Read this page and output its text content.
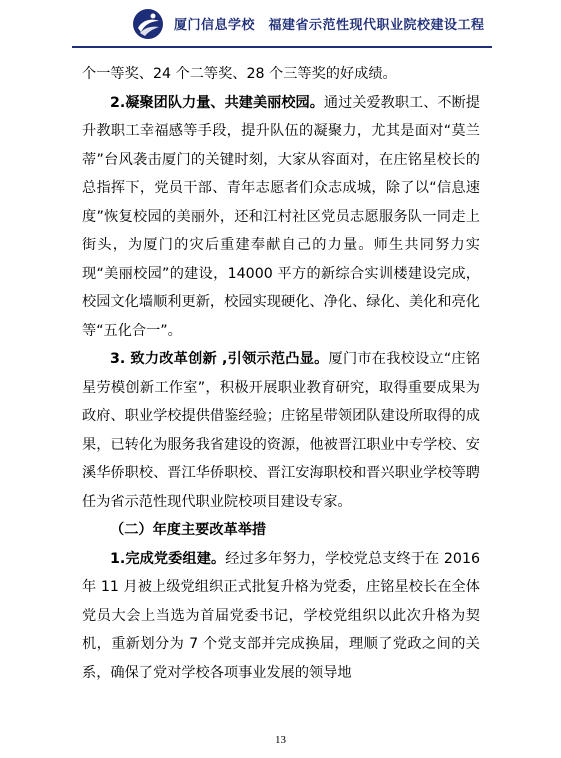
厦门信息学校　福建省示范性现代职业院校建设工程

个一等奖、24 个二等奖、28 个三等奖的好成绩。

2.凝聚团队力量、共建美丽校园。通过关爱教职工、不断提升教职工幸福感等手段，提升队伍的凝聚力，尤其是面对“莫兰蒂”台风袭击厦门的关键时刻，大家从容面对，在庄铭星校长的总指挥下，党员干部、青年志愿者们众志成城，除了以“信息速度”恢复校园的美丽外，还和江村社区党员志愿服务队一同走上街头，为厦门的灾后重建奉献自己的力量。师生共同努力实现“美丽校园”的建设，14000 平方的新综合实训楼建设完成，校园文化墙顺利更新，校园实现硬化、净化、绿化、美化和亮化等“五化合一”。

3. 致力改革创新 ,引领示范凸显。厦门市在我校设立“庄铭星劳模创新工作室”，积极开展职业教育研究，取得重要成果为政府、职业学校提供借鉴经验；庄铭星带领团队建设所取得的成果，已转化为服务我省建设的资源，他被晋江职业中专学校、安溪华侨职校、晋江华侨职校、晋江安海职校和晋兴职业学校等聘任为省示范性现代职业院校项目建设专家。

（二）年度主要改革举措

1.完成党委组建。经过多年努力，学校党总支终于在 2016 年 11 月被上级党组织正式批复升格为党委，庄铭星校长在全体党员大会上当选为首届党委书记，学校党组织以此次升格为契机，重新划分为 7 个党支部并完成换届，理顺了党政之间的关系，确保了党对学校各项事业发展的领导地

13
